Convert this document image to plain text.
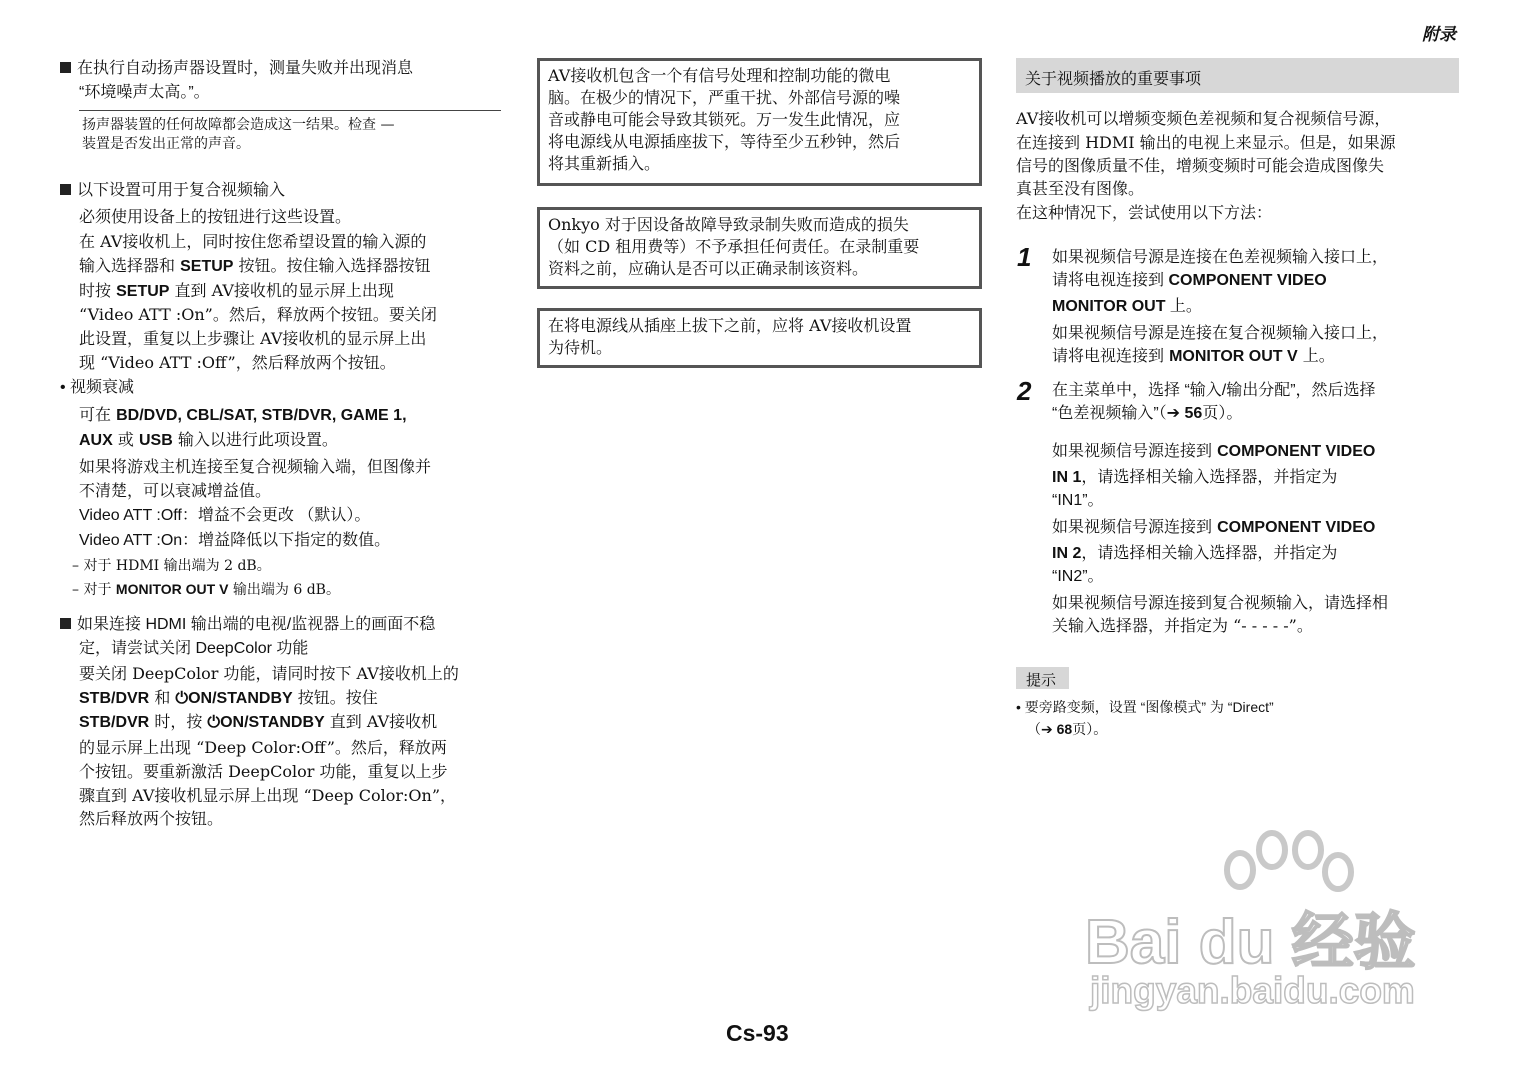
附录
在执行自动扬声器设置时，测量失败并出现消息
“环境噪声太高。”。
扬声器装置的任何故障都会造成这一结果。检查 —
装置是否发出正常的声音。
以下设置可用于复合视频输入
必须使用设备上的按钮进行这些设置。
在 AV接收机上，同时按住您希望设置的输入源的
输入选择器和 SETUP 按钮。按住输入选择器按钮
时按 SETUP 直到 AV接收机的显示屏上出现
“Video ATT :On”。然后，释放两个按钮。要关闭
此设置，重复以上步骤让 AV接收机的显示屏上出
现 “Video ATT :Off”，然后释放两个按钮。
• 视频衰减
可在 BD/DVD, CBL/SAT, STB/DVR, GAME 1,
AUX 或 USB 输入以进行此项设置。
如果将游戏主机连接至复合视频输入端，但图像并
不清楚，可以衰减增益值。
Video ATT :Off：增益不会更改 （默认）。
Video ATT :On：增益降低以下指定的数值。
– 对于 HDMI 输出端为 2 dB。
– 对于 MONITOR OUT V 输出端为 6 dB。
如果连接 HDMI 输出端的电视/监视器上的画面不稳
定，请尝试关闭 DeepColor 功能
要关闭 DeepColor 功能，请同时按下 AV接收机上的
STB/DVR 和 ⏻ON/STANDBY 按钮。按住
STB/DVR 时，按 ⏻ON/STANDBY 直到 AV接收机
的显示屏上出现 “Deep Color:Off”。然后，释放两
个按钮。要重新激活 DeepColor 功能，重复以上步
骤直到 AV接收机显示屏上出现 “Deep Color:On”，
然后释放两个按钮。
AV接收机包含一个有信号处理和控制功能的微电
脑。在极少的情况下，严重干扰、外部信号源的噪
音或静电可能会导致其锁死。万一发生此情况，应
将电源线从电源插座拔下，等待至少五秒钟，然后
将其重新插入。
Onkyo 对于因设备故障导致录制失败而造成的损失
（如 CD 租用费等）不予承担任何责任。在录制重要
资料之前，应确认是否可以正确录制该资料。
在将电源线从插座上拔下之前，应将 AV接收机设置
为待机。
关于视频播放的重要事项
AV接收机可以增频变频色差视频和复合视频信号源，
在连接到 HDMI 输出的电视上来显示。但是，如果源
信号的图像质量不佳，增频变频时可能会造成图像失
真甚至没有图像。
在这种情况下，尝试使用以下方法：
1 如果视频信号源是连接在色差视频输入接口上，
请将电视连接到 COMPONENT VIDEO
MONITOR OUT 上。
如果视频信号源是连接在复合视频输入接口上，
请将电视连接到 MONITOR OUT V 上。
2 在主菜单中，选择 “输入/输出分配”，然后选择
“色差视频输入”（➔ 56页）。
如果视频信号源连接到 COMPONENT VIDEO
IN 1，请选择相关输入选择器，并指定为
“IN1”。
如果视频信号源连接到 COMPONENT VIDEO
IN 2，请选择相关输入选择器，并指定为
“IN2”。
如果视频信号源连接到复合视频输入，请选择相
关输入选择器，并指定为 “- - - - -”。
提示
• 要旁路变频，设置 “图像模式” 为 “Direct”
（➔ 68页）。
Bai du 经验
jingyan.baidu.com
Cs-93
